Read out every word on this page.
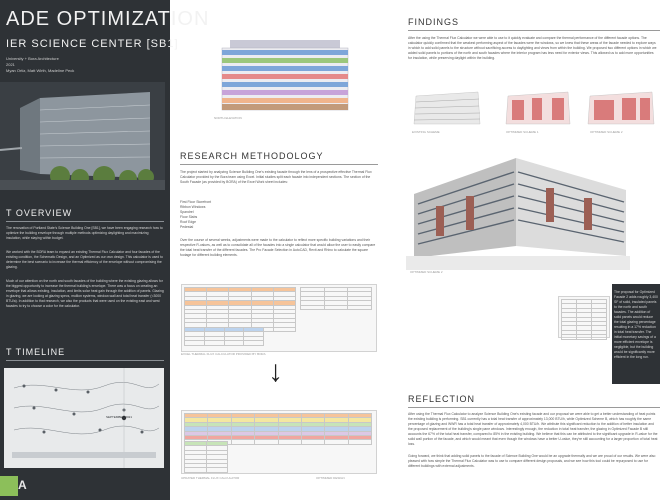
ADE OPTIMIZATION
IER SCIENCE CENTER [SB1]
University + Bora Architecture
2021
Myan Ortiz, Matt Wirth, Madeline Peck
T OVERVIEW
The renovation of Portland State's Science Building One [SB1], we have been engaging research how to optimize the building envelope through multiple methods optimizing daylighting and maximizing insulation, while staying within budget.
We worked with the BORA team to expand an existing Thermal Flux Calculator and four facades of the existing condition, the Schematic Design, and an Optimized as our own design. This calculator is used to determine the best scenario to increase the thermal efficiency of the envelope without compromising the glazing.
Much of our attention on the north and south facades of the building where the existing glazing allows for the biggest opportunity to increase the thermal building's envelope. There was a focus on creating an envelope that allows existing, insulation, and limits solar heat gain through the addition of panels. Glazing in glazing, we are looking at glazing specs, mullion systems, window-wall and total heat transfer (<3000 BTU/a). In addition to that research, we also the products that were used on the existing east and west facades to try to choose a color for the calculator.
T TIMELINE
SEPTEMBER 2021
A
NORTH ELEVATION
RESEARCH METHODOLOGY
The project started by analyzing Science Building One's existing facade through the lens of a prospective effective Thermal Flux Calculator provided by the Bora team using Excel. Initial studies split each facade into independent sections. The section of the South Facade (as provided by BORA) of the Excel Work sheet includes:
First Floor Storefront
Ribbon Windows
Spandrel
Floor Slabs
Roof Edge
Pedestal
Over the course of several weeks, adjustments were made to the calculator to reflect more specific building variations and their respective R-values, as well as to consolidate all of the facades into a single calculator that would allow the user to easily compare the total heat transfer of the different facades. The Pro Facade Selection in AutoCAD, Revit and Rhino to calculate the square footage for different building elements.

EXCEL THERMAL FLUX CALCULATOR PROVIDED BY BORA
↓

UPDATED THERMAL FLUX CALCULATOR	OPTIMIZED DESIGN
FINDINGS
After the using the Thermal Flux Calculator we were able to use to it quickly evaluate and compare the thermal performance of the different facade options. The calculator quickly confirmed that the weakest performing aspect of the facades were the windows, so we knew that these areas of the facade needed to explore ways in which to add solid panels to the structure without sacrificing access to daylighting and views from within the building. We proposed two different options in which we added solid panels to portions of the north and south facades where the interior program has less need for exterior views. This allowed us to add more opportunities for insulation, while preserving daylight within the building.
EXISTING SCHEME	OPTIMIZED SCHEME 1	OPTIMIZED SCHEME 2
OPTIMIZED SCHEME 2

The proposal for Optimized Facade 2 adds roughly 3,400 SF of solid, insulated panels to the north and south facades. The addition of solid panels would reduce the total glazing percentage resulting in a 17% reduction in total heat transfer. The initial monetary savings of a more efficient envelope is negligible, but the building would be significantly more efficient in the long run.
REFLECTION
After using the Thermal Flux Calculator to analyze Science Building One's existing facade and our proposal we were able to get a better understanding of heat points the existing building is performing. SB1 currently has a total heat transfer of approximately 13,000 BTU/h, while Optimized Scheme B, which has roughly the same percentage of glazing and WWR has a total heat transfer of approximately 4,000 BTU/h. We attribute this significant reduction to the addition of better insulation and the proposed replacement of the building's single pane windows. Interestingly enough, the reduction in total heat transfer, the glazing in Optimized Facade B still accounts the 67% of the total heat transfer, compared to 85% in the existing building. We believe that this can be attributed to the significant upgrade in R-value for the solid wall portion of the facade, and which would meant that even though the windows have a better U-value, they're still accounting for a larger proportion of total heat loss.
Going forward, we think that adding solid panels to the facade of Science Building One would be an upgrade thermally and we are proud of our results. We were also pleased with how simple the Thermal Flux Calculator was to use to compare different design proposals, and we see how this tool could be repurposed to use for different buildings with external adjustments.
